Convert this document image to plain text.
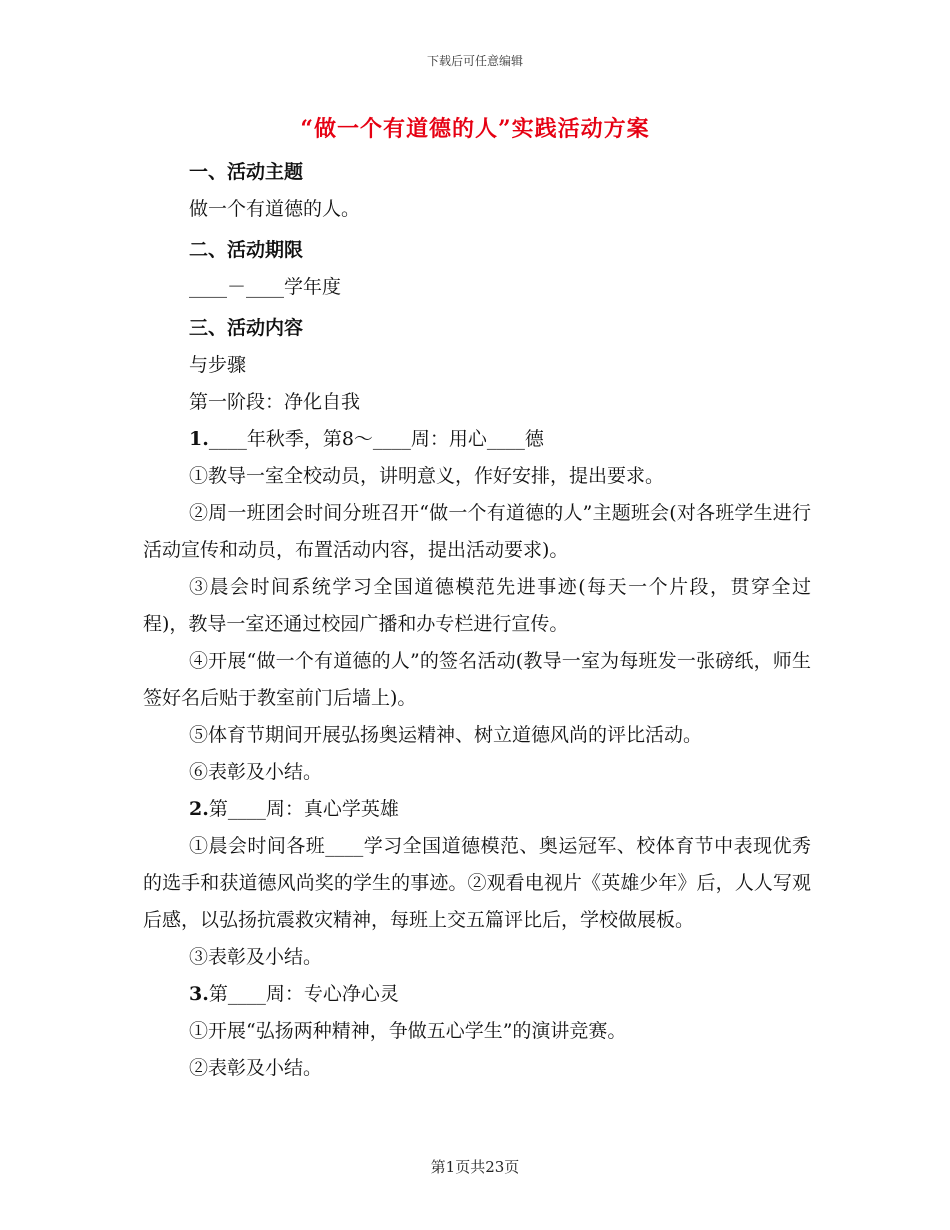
下载后可任意编辑
“做一个有道德的人”实践活动方案

一、活动主题

做一个有道德的人。

二、活动期限

____－____学年度

三、活动内容

与步骤

第一阶段：净化自我

1.____年秋季，第8～____周：用心____德

①教导一室全校动员，讲明意义，作好安排，提出要求。

②周一班团会时间分班召开“做一个有道德的人”主题班会(对各班学生进行活动宣传和动员，布置活动内容，提出活动要求)。

③晨会时间系统学习全国道德模范先进事迹(每天一个片段，贯穿全过程)，教导一室还通过校园广播和办专栏进行宣传。

④开展“做一个有道德的人”的签名活动(教导一室为每班发一张磅纸，师生签好名后贴于教室前门后墙上)。

⑤体育节期间开展弘扬奥运精神、树立道德风尚的评比活动。

⑥表彰及小结。

2.第____周：真心学英雄

①晨会时间各班____学习全国道德模范、奥运冠军、校体育节中表现优秀的选手和获道德风尚奖的学生的事迹。②观看电视片《英雄少年》后，人人写观后感，以弘扬抗震救灾精神，每班上交五篇评比后，学校做展板。

③表彰及小结。

3.第____周：专心净心灵

①开展“弘扬两种精神，争做五心学生”的演讲竞赛。

②表彰及小结。

第1页共23页
